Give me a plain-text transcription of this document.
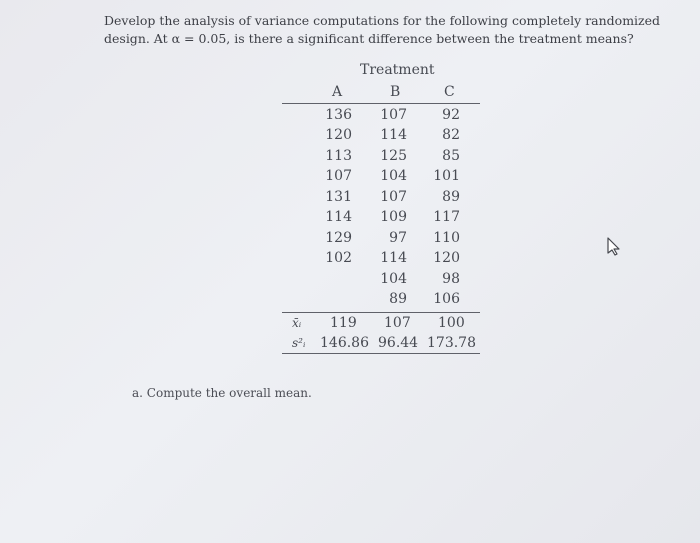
Develop the analysis of variance computations for the following completely randomized design. At α = 0.05, is there a significant difference between the treatment means?
Treatment
A	B	C
136
120
113
107
131
114
129
102
107
114
125
104
107
109
97
114
104
89
92
82
85
101
89
117
110
120
98
106
x̄ᵢ 119 107 100
s²ᵢ 146.86 96.44 173.78
a. Compute the overall mean.
